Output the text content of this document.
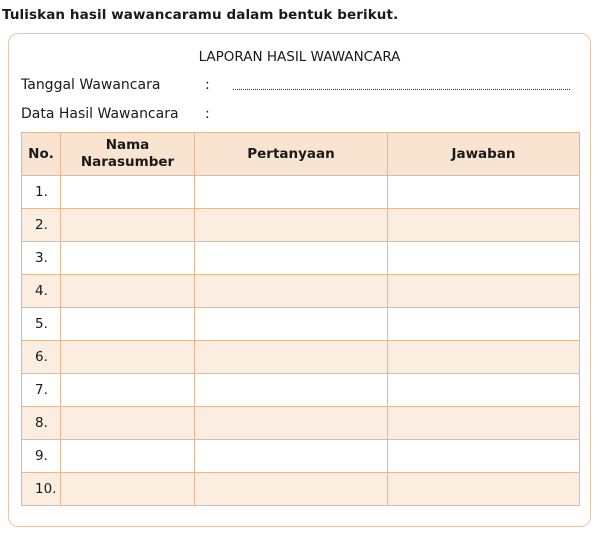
Tuliskan hasil wawancaramu dalam bentuk berikut.
LAPORAN HASIL WAWANCARA
Tanggal Wawancara	:
Data Hasil Wawancara :
No.	Nama Narasumber	Pertanyaan	Jawaban
1.			
2.			
3.			
4.			
5.			
6.			
7.			
8.			
9.			
10.			
